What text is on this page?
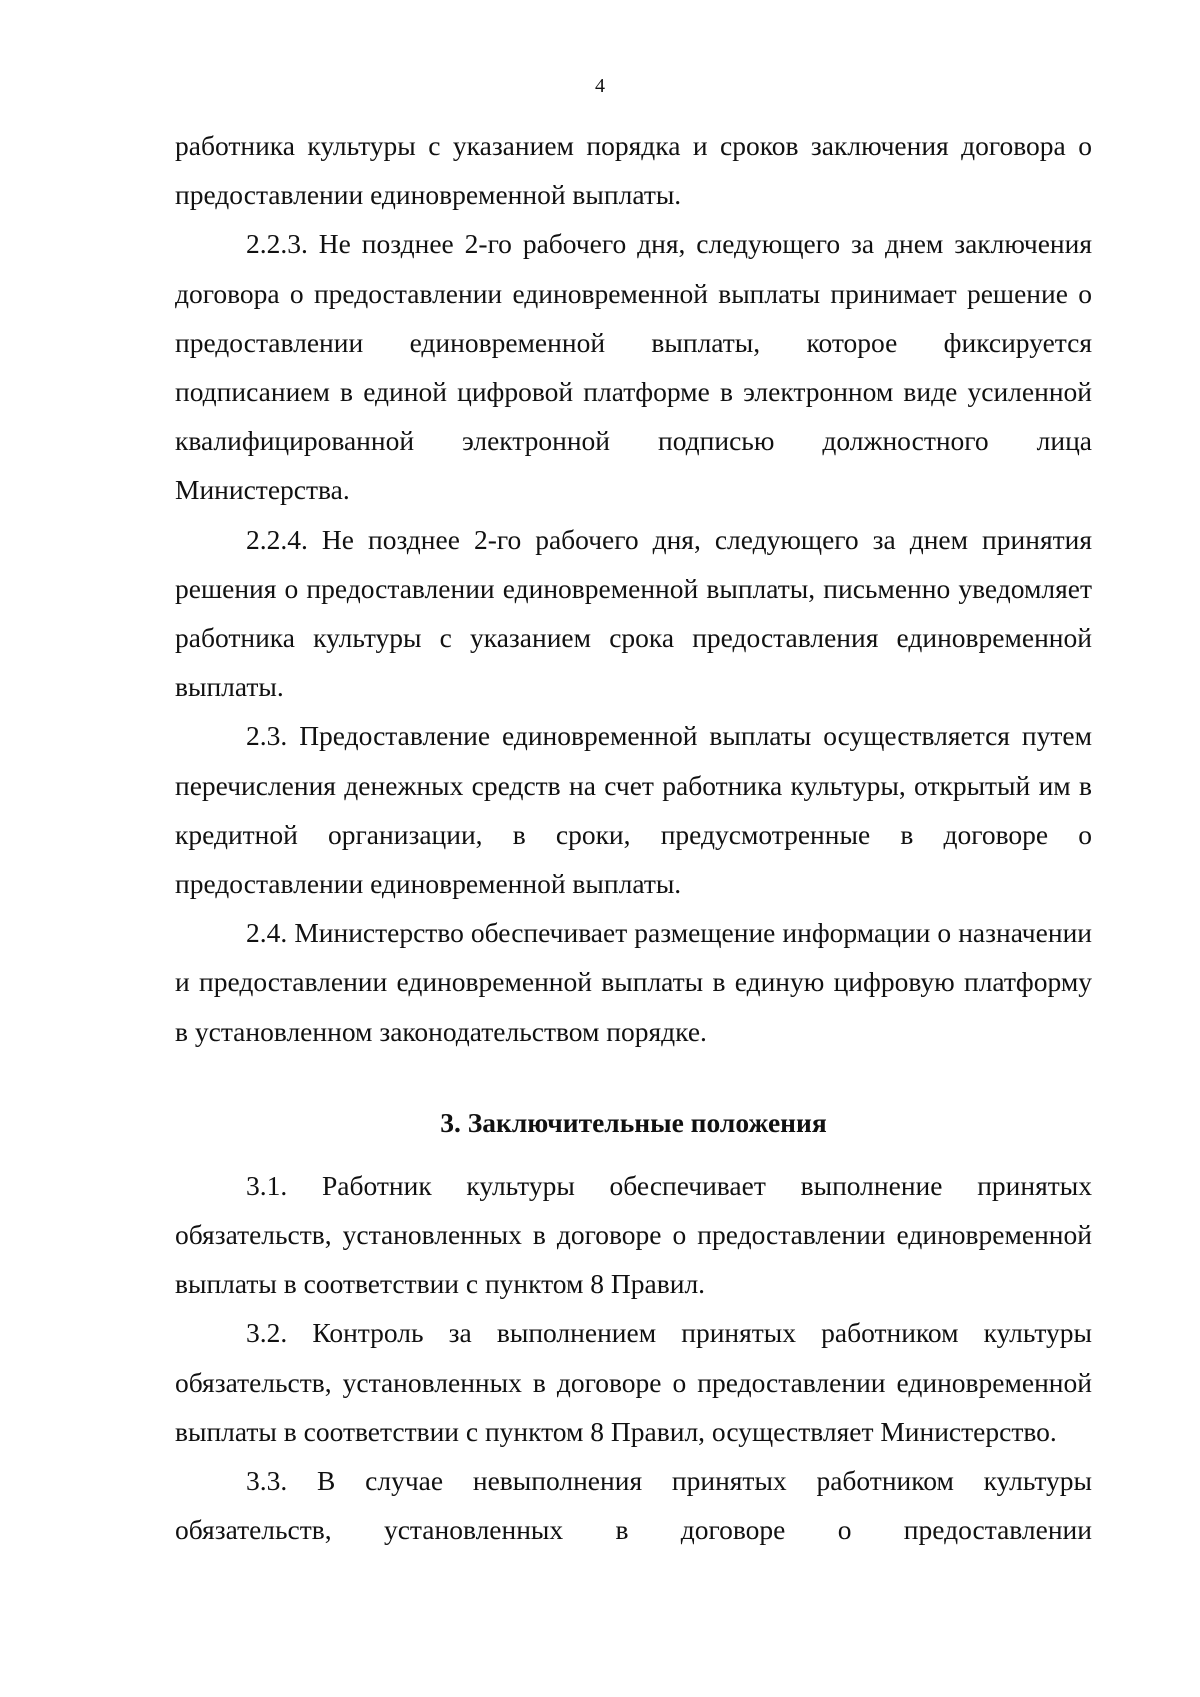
4

работника культуры с указанием порядка и сроков заключения договора о предоставлении единовременной выплаты.

2.2.3. Не позднее 2-го рабочего дня, следующего за днем заключения договора о предоставлении единовременной выплаты принимает решение о предоставлении единовременной выплаты, которое фиксируется подписанием в единой цифровой платформе в электронном виде усиленной квалифицированной электронной подписью должностного лица Министерства.

2.2.4. Не позднее 2-го рабочего дня, следующего за днем принятия решения о предоставлении единовременной выплаты, письменно уведомляет работника культуры с указанием срока предоставления единовременной выплаты.

2.3. Предоставление единовременной выплаты осуществляется путем перечисления денежных средств на счет работника культуры, открытый им в кредитной организации, в сроки, предусмотренные в договоре о предоставлении единовременной выплаты.

2.4. Министерство обеспечивает размещение информации о назначении и предоставлении единовременной выплаты в единую цифровую платформу в установленном законодательством порядке.

3. Заключительные положения

3.1. Работник культуры обеспечивает выполнение принятых обязательств, установленных в договоре о предоставлении единовременной выплаты в соответствии с пунктом 8 Правил.

3.2. Контроль за выполнением принятых работником культуры обязательств, установленных в договоре о предоставлении единовременной выплаты в соответствии с пунктом 8 Правил, осуществляет Министерство.

3.3. В случае невыполнения принятых работником культуры обязательств, установленных в договоре о предоставлении
